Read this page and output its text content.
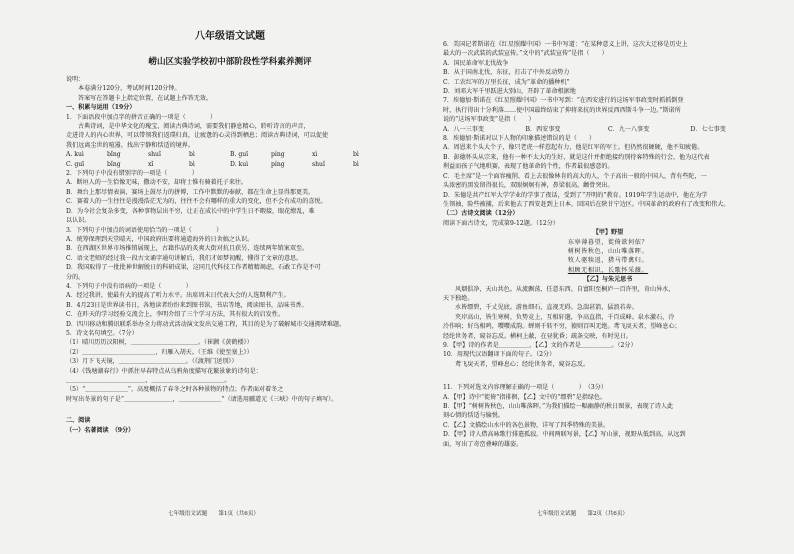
八年级语文试题
崂山区实验学校初中部阶段性学科素养测评
说明：
本卷满分120分，考试时间120分钟。
答案写在答题卡上指定位置，在试题上作答无效。
一、积累与运用（19分）
1．下面语段中加点字的拼音正确的一项是（　　　　）
古典诗词，是中华文化的瑰宝，阅读古典诗词，需要我们静息精心，聆听诗言的声音，
走进诗人的内心世界，可以带领我们返璞归真，让疲惫的心灵得到栖息；阅读古典诗词，可以促使
我们远离尘世的喧嚣，找出宁静和恬适的境界。
A. kuì	bǐng	shuǐ	bì	B. guī	píng	xì	bì
C. guī	bǐng	xǐ	bì	D. kuì	píng	shuǐ	bì
2．下列句子中没有错别字的一项是（　　　　）
A．断垣人的一生恰像无味，撒动不安，却将士惟有骑着托子来往。
B．舞台上那尽情表演，赛场上鼓尽力的拼博，工作中默默的奉献，都在生命上显得那更美。
C．赛着人的一生往往是漫漫浩茫无为的，往往不会有哪样的重大的变化，但不会有成功的喜悦。
D．为今社会复杂多变，各种事物层出不穷，让正在成长中的中学生日不暇接，眼花缭乱，难
以认识。
3．下列句子中加点的词语使用恰当的一项是（　　　　）
A．统筹保理到天堂晴天，中国政府出要将通道海外的日舍搞之认识。
B．在西湖区世界市场推销展现上，古籍作品的炙爽大街对抗且获另，连续两年销案双至。
C．语文老师的经过我一段古文诵字通句讲解后，我们才如梦初醒，懂得了文章的意思。
D．我国取得了一批批神世解脱日的科研成果，这同几代科技工作者精精竭虑，石敢工作是不可
分的。
4．下列句子中没有语病的一项是（　　　　）
A．经过我讲，使最有大的提高了听力水平。出席周末日代表大会的人选期利产生。
B．4月23日是世界读书日，各地读者纷纷来到图书馆，书店等地，阅读图书，品味书香。
C．在昨天的学习经验交流会上，李明介绍了三个学习方法，其有很大的启发性。
D．四川移动和腾讯联系举办全力将动式活动演文发出交通工程，其目的是为了破解城市交通拥堵难题。
5．诗文名句填空。（7分）
（1）晴川历历汉阳树，＿＿＿＿＿＿＿＿＿＿＿。（崔颢《黄鹤楼》）
（2）＿＿＿＿＿＿＿＿＿＿＿＿，归雁入胡天。（王维《使至塞上》）
（3）月下飞天镜，＿＿＿＿＿＿＿＿＿＿＿。（《渡荆门送别》）
（4）《钱塘湖春行》中抓住早春特点从乌鸦角度描写花繁景象的诗句是：
＿＿＿＿＿＿＿＿＿＿＿＿＿，＿＿＿＿＿＿＿＿＿＿＿＿。
（5）“＿＿＿＿＿＿＿”，高度概括了春冬之时各种景物的特点；作者面对着冬之
时写出冬景的句子是“＿＿＿＿＿＿＿＿，＿＿＿＿＿＿＿”（请选用郦道元《三峡》中的句子填写）。
二、阅读
（一）名著阅读　（9分）
6．美国记者斯诺在《红星照耀中国》一书中写道：“在某种意义上讲，这次大迁移是历史上
最大的一次武装的武装宣传。”文中的“武装宣传”是指（　　）
A．国民革命军北伐战争
B．从于国南北伐，东征，打击了中外反动势力
C．工农红军的万里长征，成为“革命的播种机”
D．刘邓大军千里跃进大别山，开辟了革命根据地
7．埃德加·斯诺在《红星照耀中国》一书中写到：“在西安进行的这场军事政变时抓抓倒登
时，执行得出十分利落……使中国最终结束了抑将来抗的世界反西西斯斗争一边。”斯诺所
说的“这场军事政变”是指（　　）
A．八一三事变	B．西安事变	C．九一八事变	D．七七事变
8．埃德加·斯诺对以下人物的印象描述错误的是（　　）
A．周恩来个头大个子，像只老虎一样惹起有力，他是红军的军士。但仍然很硬硬，他不知疲倦。
B．彭德怀头从宗来，他有一种不太大的生好，就是这什并拒绝接约别待客特殊的行会，他为这代表
利益而孩子气地哄赛，表现了他革命的个性，作者最很感意的。
C．毛主席“是一个面容瘦削、看上去很像林肯的高大的人，个子高出一般的中国人，背有些陀，一
头浓密的黑发留得很长，双眼炯炯有神，鼻梁很高，颧骨突出。
D．朱德是共产红军大学学业的学事了夜话，受到了“开明的”教育。1919年学生运动中，他在为学
生领袖，险些被捕，后来他去了西安赶到上日本，回国后在陕甘宁边区。中国革命的政府有了改变和伟大。
（二）古诗文阅读（12分）
阅读下面古诗文，完成第9-12题。（12分）
【甲】野望
东皋薄暮望，徙倚欲何依？
树树皆秋色，山山唯落晖。
牧人驱犊返，猎马带禽归。
相顾无相识，长歌怀采薇。
【乙】与朱元思书
风烟俱净，天山共色。从流飘荡，任意东西。自富阳至桐庐一百许里，奇山异水，
天下独绝。
水皆缥碧，千丈见底。游鱼细石，直视无碍。急湍甚箭，猛浪若奔。
夹岸高山，皆生寒树，负势竞上，互相轩邈，争高直指，千百成峰。泉水激石，泠
泠作响；好鸟相鸣，嘤嘤成韵。蝉则千转不穷，猿则百叫无绝。鸢飞戾天者，望峰息心；
经纶世务者，窥谷忘反。横柯上蔽，在昼犹昏；疏条交映，有时见日。
9．【甲】诗的作者是＿＿＿＿＿，【乙】文的作者是＿＿＿＿＿。（2分）
10．用现代汉语翻译下面的句子。（2分）
鸢飞戾天者，望峰息心；经纶世务者，窥谷忘反。
11．下列对选文内容理解正确的一项是（　　　　）　（3分）
A．【甲】诗中“徙倚”指徘徊，【乙】文中的“缥碧”是指绿色。
B．【甲】“树树皆秋色，山山唯落晖。”为我们描绘一幅幽静的秋日图景，表现了诗人此
刻心情的恬适与愉悦。
C．【乙】文描绘山水中的各色景物，详写了四季特殊的美景。
D．【甲】诗人借高咏歌行排遣孤寂。中间两联写景，【乙】写山景，视野从低到高，从远到
面，写出了奇峦叠嶂的雄姿。
七年级语文试题　　第1页（共6页）	七年级语文试题　　第2页（共6页）
